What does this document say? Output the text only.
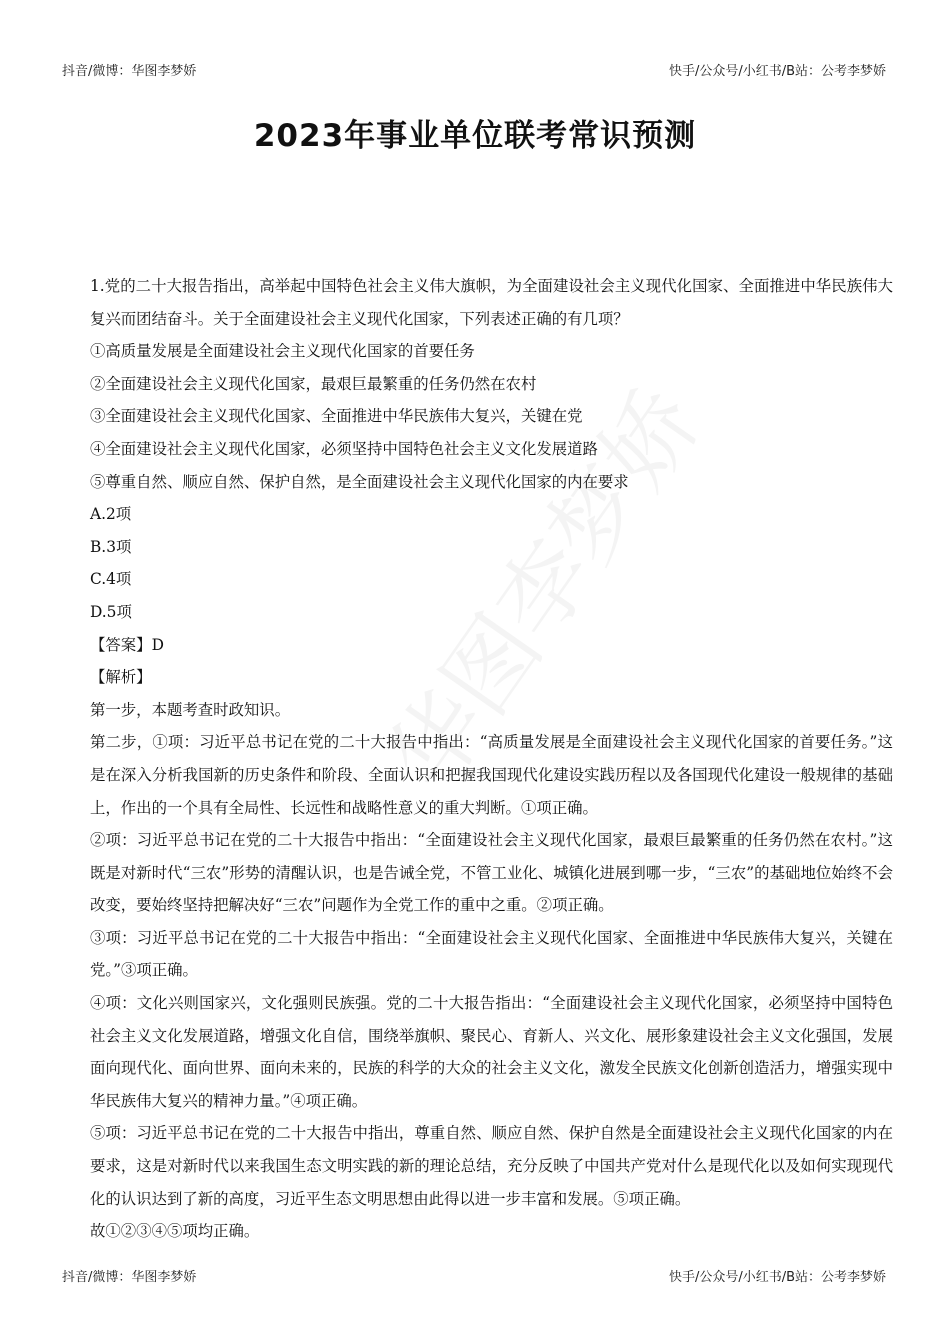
抖音/微博：华图李梦娇	快手/公众号/小红书/B站：公考李梦娇
2023年事业单位联考常识预测

1.党的二十大报告指出，高举起中国特色社会主义伟大旗帜，为全面建设社会主义现代化国家、全面推进中华民族伟大复兴而团结奋斗。关于全面建设社会主义现代化国家，下列表述正确的有几项？

①高质量发展是全面建设社会主义现代化国家的首要任务

②全面建设社会主义现代化国家，最艰巨最繁重的任务仍然在农村

③全面建设社会主义现代化国家、全面推进中华民族伟大复兴，关键在党

④全面建设社会主义现代化国家，必须坚持中国特色社会主义文化发展道路

⑤尊重自然、顺应自然、保护自然，是全面建设社会主义现代化国家的内在要求

A.2项

B.3项

C.4项

D.5项

【答案】D

【解析】

第一步，本题考查时政知识。

第二步，①项：习近平总书记在党的二十大报告中指出：“高质量发展是全面建设社会主义现代化国家的首要任务。”这是在深入分析我国新的历史条件和阶段、全面认识和把握我国现代化建设实践历程以及各国现代化建设一般规律的基础上，作出的一个具有全局性、长远性和战略性意义的重大判断。①项正确。

②项：习近平总书记在党的二十大报告中指出：“全面建设社会主义现代化国家，最艰巨最繁重的任务仍然在农村。”这既是对新时代“三农”形势的清醒认识，也是告诫全党，不管工业化、城镇化进展到哪一步，“三农”的基础地位始终不会改变，要始终坚持把解决好“三农”问题作为全党工作的重中之重。②项正确。

③项：习近平总书记在党的二十大报告中指出：“全面建设社会主义现代化国家、全面推进中华民族伟大复兴，关键在党。”③项正确。

④项：文化兴则国家兴，文化强则民族强。党的二十大报告指出：“全面建设社会主义现代化国家，必须坚持中国特色社会主义文化发展道路，增强文化自信，围绕举旗帜、聚民心、育新人、兴文化、展形象建设社会主义文化强国，发展面向现代化、面向世界、面向未来的，民族的科学的大众的社会主义文化，激发全民族文化创新创造活力，增强实现中华民族伟大复兴的精神力量。”④项正确。

⑤项：习近平总书记在党的二十大报告中指出，尊重自然、顺应自然、保护自然是全面建设社会主义现代化国家的内在要求，这是对新时代以来我国生态文明实践的新的理论总结，充分反映了中国共产党对什么是现代化以及如何实现现代化的认识达到了新的高度，习近平生态文明思想由此得以进一步丰富和发展。⑤项正确。

故①②③④⑤项均正确。

抖音/微博：华图李梦娇	快手/公众号/小红书/B站：公考李梦娇
